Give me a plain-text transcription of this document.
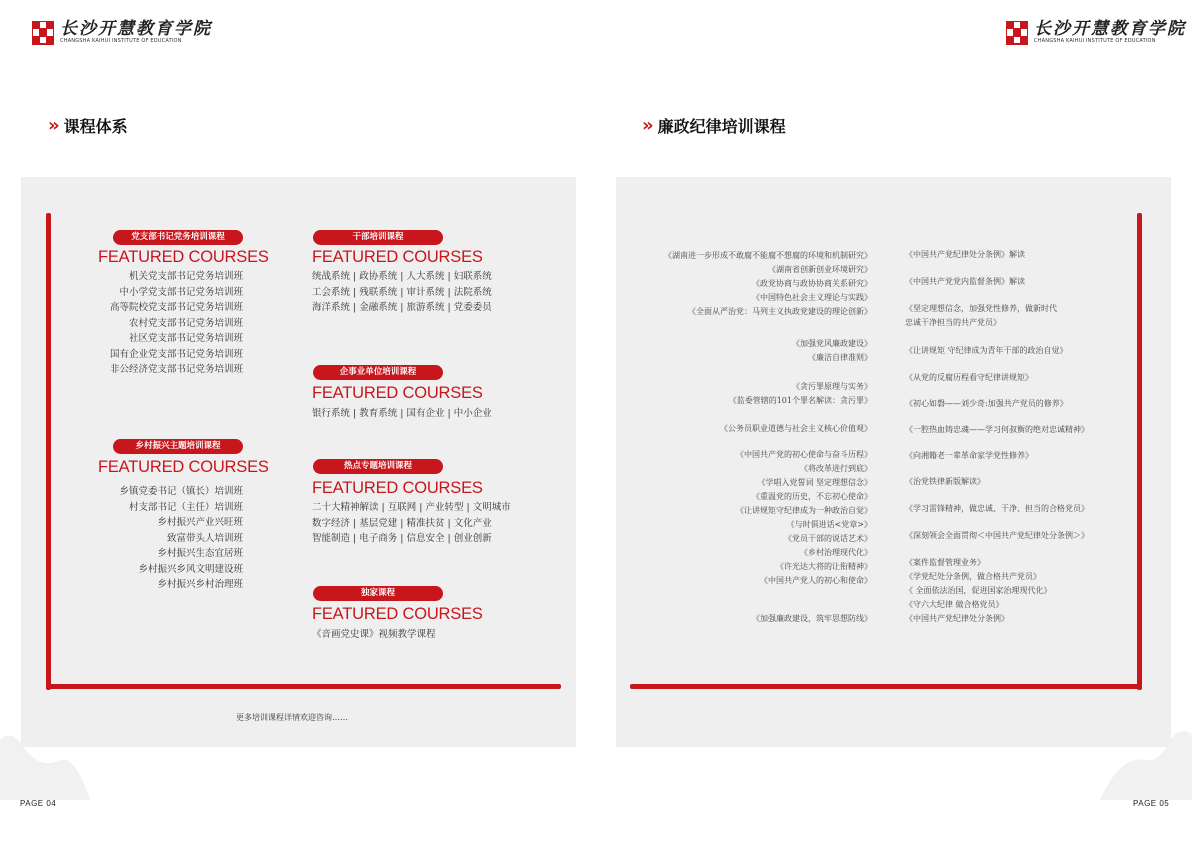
长沙开慧教育学院
CHANGSHA KAIHUI INSTITUTE OF EDUCATION
长沙开慧教育学院
CHANGSHA KAIHUI INSTITUTE OF EDUCATION
» 课程体系	» 廉政纪律培训课程
党支部书记党务培训课程
FEATURED COURSES
机关党支部书记党务培训班
中小学党支部书记党务培训班
高等院校党支部书记党务培训班
农村党支部书记党务培训班
社区党支部书记党务培训班
国有企业党支部书记党务培训班
非公经济党支部书记党务培训班
乡村振兴主题培训课程
FEATURED COURSES
乡镇党委书记（镇长）培训班
村支部书记（主任）培训班
乡村振兴产业兴旺班
致富带头人培训班
乡村振兴生态宜居班
乡村振兴乡风文明建设班
乡村振兴乡村治理班
干部培训课程
FEATURED COURSES
统战系统 | 政协系统 | 人大系统 | 妇联系统
工会系统 | 残联系统 | 审计系统 | 法院系统
海洋系统 | 金融系统 | 旅游系统 | 党委委员
企事业单位培训课程
FEATURED COURSES
银行系统 | 教育系统 | 国有企业 | 中小企业
热点专题培训课程
FEATURED COURSES
二十大精神解读 | 互联网 | 产业转型 | 文明城市
数字经济 | 基层党建 | 精准扶贫 | 文化产业
智能制造 | 电子商务 | 信息安全 | 创业创新
独家课程
FEATURED COURSES
《音画党史课》视频教学课程
更多培训课程详情欢迎咨询……
《湖南进一步形成不敢腐不能腐不想腐的环境和机制研究》
《湖南省创新创业环境研究》
《政党协商与政协协商关系研究》
《中国特色社会主义理论与实践》
《全面从严治党：马列主义执政党建设的理论创新》
《加强党风廉政建设》
《廉洁自律准则》
《贪污罪原理与实务》
《监委管辖的101个罪名解读：贪污罪》
《公务员职业道德与社会主义核心价值观》
《中国共产党的初心使命与奋斗历程》
《将改革进行到底》
《学唱入党誓词 坚定理想信念》
《重温党的历史，不忘初心使命》
《让讲规矩守纪律成为一种政治自觉》
《与时俱进话<党章>》
《党员干部的说话艺术》
《乡村治理现代化》
《许光达大将的让衔精神》
《中国共产党人的初心和使命》
《加强廉政建设，筑牢思想防线》
《中国共产党纪律处分条例》解读
《中国共产党党内监督条例》解读
《坚定理想信念，加强党性修养，做新时代
忠诚干净担当的共产党员》
《让讲规矩 守纪律成为青年干部的政治自觉》
《从党的反腐历程看守纪律讲规矩》
《初心如磐——刘少奇:加强共产党员的修养》
《一腔热血铸忠魂——学习何叔衡的绝对忠诚精神》
《向湘籍老一辈革命家学党性修养》
《治党铁律新版解读》
《学习雷锋精神，做忠诚、干净、担当的合格党员》
《深刻领会全面贯彻＜中国共产党纪律处分条例＞》
《案件监督管理业务》
《学党纪处分条例，做合格共产党员》
《 全面依法治国，促进国家治理现代化》
《守六大纪律 做合格党员》
《中国共产党纪律处分条例》
PAGE 04	PAGE 05
